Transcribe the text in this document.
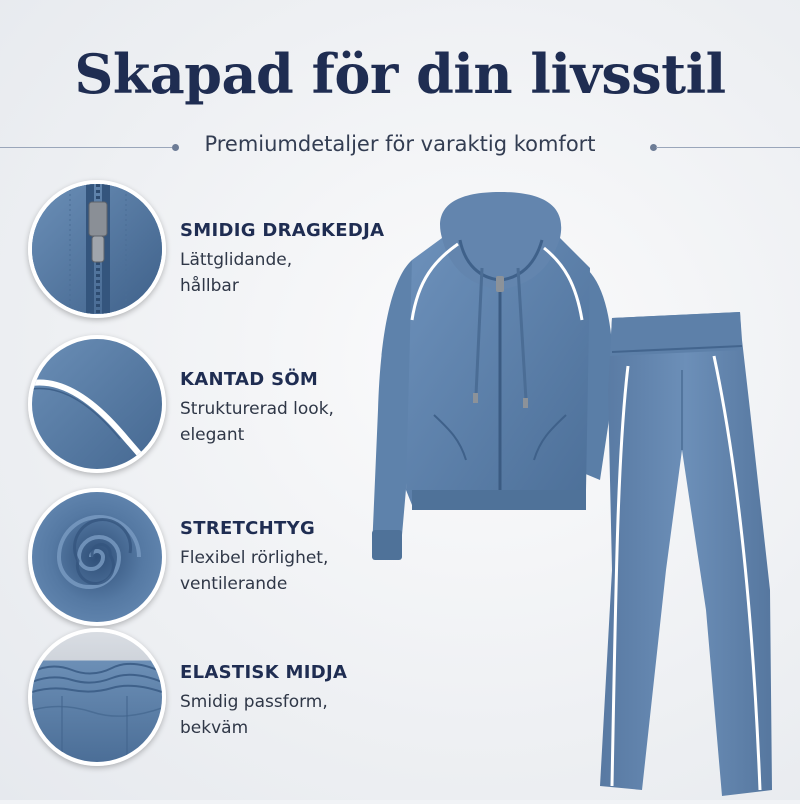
Skapad för din livsstil
Premiumdetaljer för varaktig komfort
SMIDIG DRAGKEDJA
Lättglidande,
hållbar
KANTAD SÖM
Strukturerad look,
elegant
STRETCHTYG
Flexibel rörlighet,
ventilerande
ELASTISK MIDJA
Smidig passform,
bekväm
